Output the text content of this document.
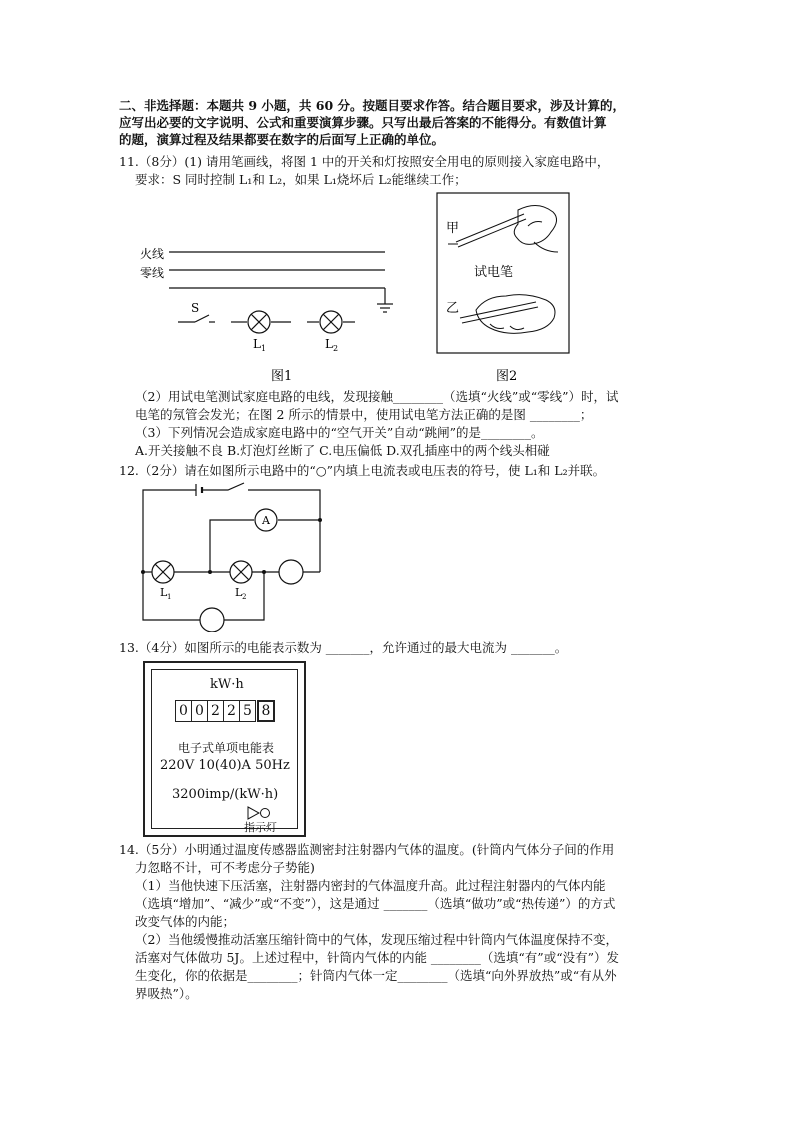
二、非选择题：本题共 9 小题，共 60 分。按题目要求作答。结合题目要求，涉及计算的，
应写出必要的文字说明、公式和重要演算步骤。只写出最后答案的不能得分。有数值计算
的题，演算过程及结果都要在数字的后面写上正确的单位。
11.（8分）(1) 请用笔画线，将图 1 中的开关和灯按照安全用电的原则接入家庭电路中，
要求：S 同时控制 L₁和 L₂，如果 L₁烧坏后 L₂能继续工作；
火线
零线
S
L 1	L 2
图1
甲
乙
试电笔
图2
（2）用试电笔测试家庭电路的电线，发现接触________（选填“火线”或“零线”）时，试
电笔的氖管会发光；在图 2 所示的情景中，使用试电笔方法正确的是图 ________；
（3）下列情况会造成家庭电路中的“空气开关”自动“跳闸”的是________。
A.开关接触不良 B.灯泡灯丝断了 C.电压偏低 D.双孔插座中的两个线头相碰
12.（2分）请在如图所示电路中的“○”内填上电流表或电压表的符号，使 L₁和 L₂并联。
A
L 1	L 2
13.（4分）如图所示的电能表示数为 _______，允许通过的最大电流为 _______。
kW·h
0 0 2 2 5 8
电子式单项电能表
220V 10(40)A 50Hz
3200imp/(kW·h)
指示灯
14.（5分）小明通过温度传感器监测密封注射器内气体的温度。(针筒内气体分子间的作用
力忽略不计，可不考虑分子势能)
（1）当他快速下压活塞，注射器内密封的气体温度升高。此过程注射器内的气体内能
（选填“增加”、“减少”或“不变”），这是通过 _______（选填“做功”或“热传递”）的方式
改变气体的内能；
（2）当他缓慢推动活塞压缩针筒中的气体，发现压缩过程中针筒内气体温度保持不变，
活塞对气体做功 5J。上述过程中，针筒内气体的内能 ________（选填“有”或“没有”）发
生变化，你的依据是________；针筒内气体一定________（选填“向外界放热”或“有从外
界吸热”）。
